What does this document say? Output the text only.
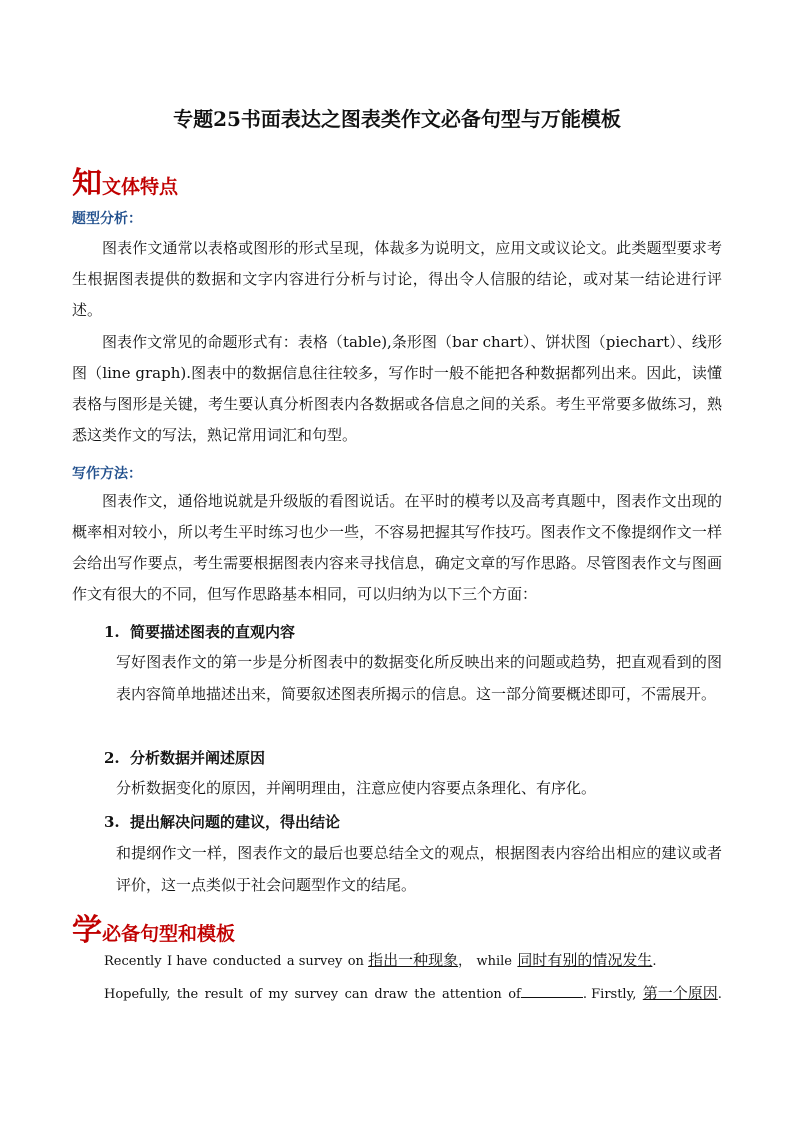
专题25书面表达之图表类作文必备句型与万能模板
知文体特点
题型分析：
图表作文通常以表格或图形的形式呈现，体裁多为说明文，应用文或议论文。此类题型要求考生根据图表提供的数据和文字内容进行分析与讨论，得出令人信服的结论，或对某一结论进行评述。
图表作文常见的命题形式有：表格（table),条形图（bar chart）、饼状图（piechart）、线形图（line graph).图表中的数据信息往往较多，写作时一般不能把各种数据都列出来。因此，读懂表格与图形是关键，考生要认真分析图表内各数据或各信息之间的关系。考生平常要多做练习，熟悉这类作文的写法，熟记常用词汇和句型。
写作方法：
图表作文，通俗地说就是升级版的看图说话。在平时的模考以及高考真题中，图表作文出现的概率相对较小，所以考生平时练习也少一些，不容易把握其写作技巧。图表作文不像提纲作文一样会给出写作要点，考生需要根据图表内容来寻找信息，确定文章的写作思路。尽管图表作文与图画作文有很大的不同，但写作思路基本相同，可以归纳为以下三个方面：
1. 简要描述图表的直观内容
写好图表作文的第一步是分析图表中的数据变化所反映出来的问题或趋势，把直观看到的图表内容简单地描述出来，简要叙述图表所揭示的信息。这一部分简要概述即可，不需展开。
2. 分析数据并阐述原因
分析数据变化的原因，并阐明理由，注意应使内容要点条理化、有序化。
3. 提出解决问题的建议，得出结论
和提纲作文一样，图表作文的最后也要总结全文的观点，根据图表内容给出相应的建议或者评价，这一点类似于社会问题型作文的结尾。
学必备句型和模板
Recently I have conducted a survey on 指出一种现象， while 同时有别的情况发生.
Hopefully, the result of my survey can draw the attention of	. Firstly, 第一个原因.
